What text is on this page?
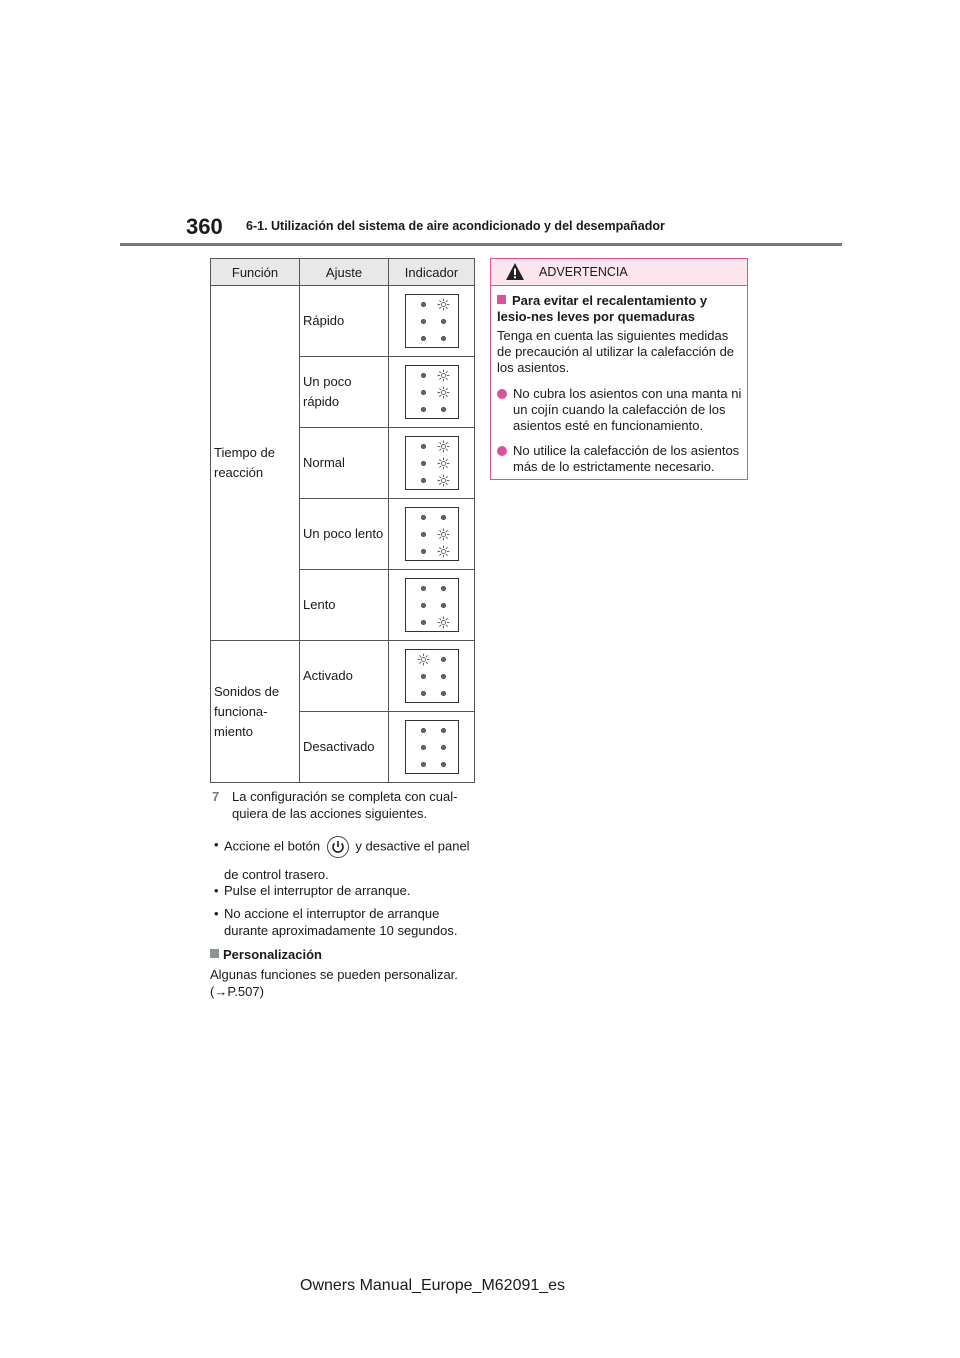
360 6-1. Utilización del sistema de aire acondicionado y del desempañador
Función	Ajuste	Indicador

Tiempo de
reacción	Rápido

	Un poco
rápido

	Normal

	Un poco lento

	Lento

Sonidos de
funciona-
miento	Activado

	Desactivado

7 La configuración se completa con cual-quiera de las acciones siguientes.
• Accione el botón	y desactive el panel
de control trasero.
• Pulse el interruptor de arranque.
• No accione el interruptor de arranque durante aproximadamente 10 segundos.
Personalización
Algunas funciones se pueden personalizar.
(→P.507)
ADVERTENCIA
Para evitar el recalentamiento y lesio-nes leves por quemaduras
Tenga en cuenta las siguientes medidas de precaución al utilizar la calefacción de los asientos.
No cubra los asientos con una manta ni un cojín cuando la calefacción de los asientos esté en funcionamiento.
No utilice la calefacción de los asientos más de lo estrictamente necesario.
Owners Manual_Europe_M62091_es
